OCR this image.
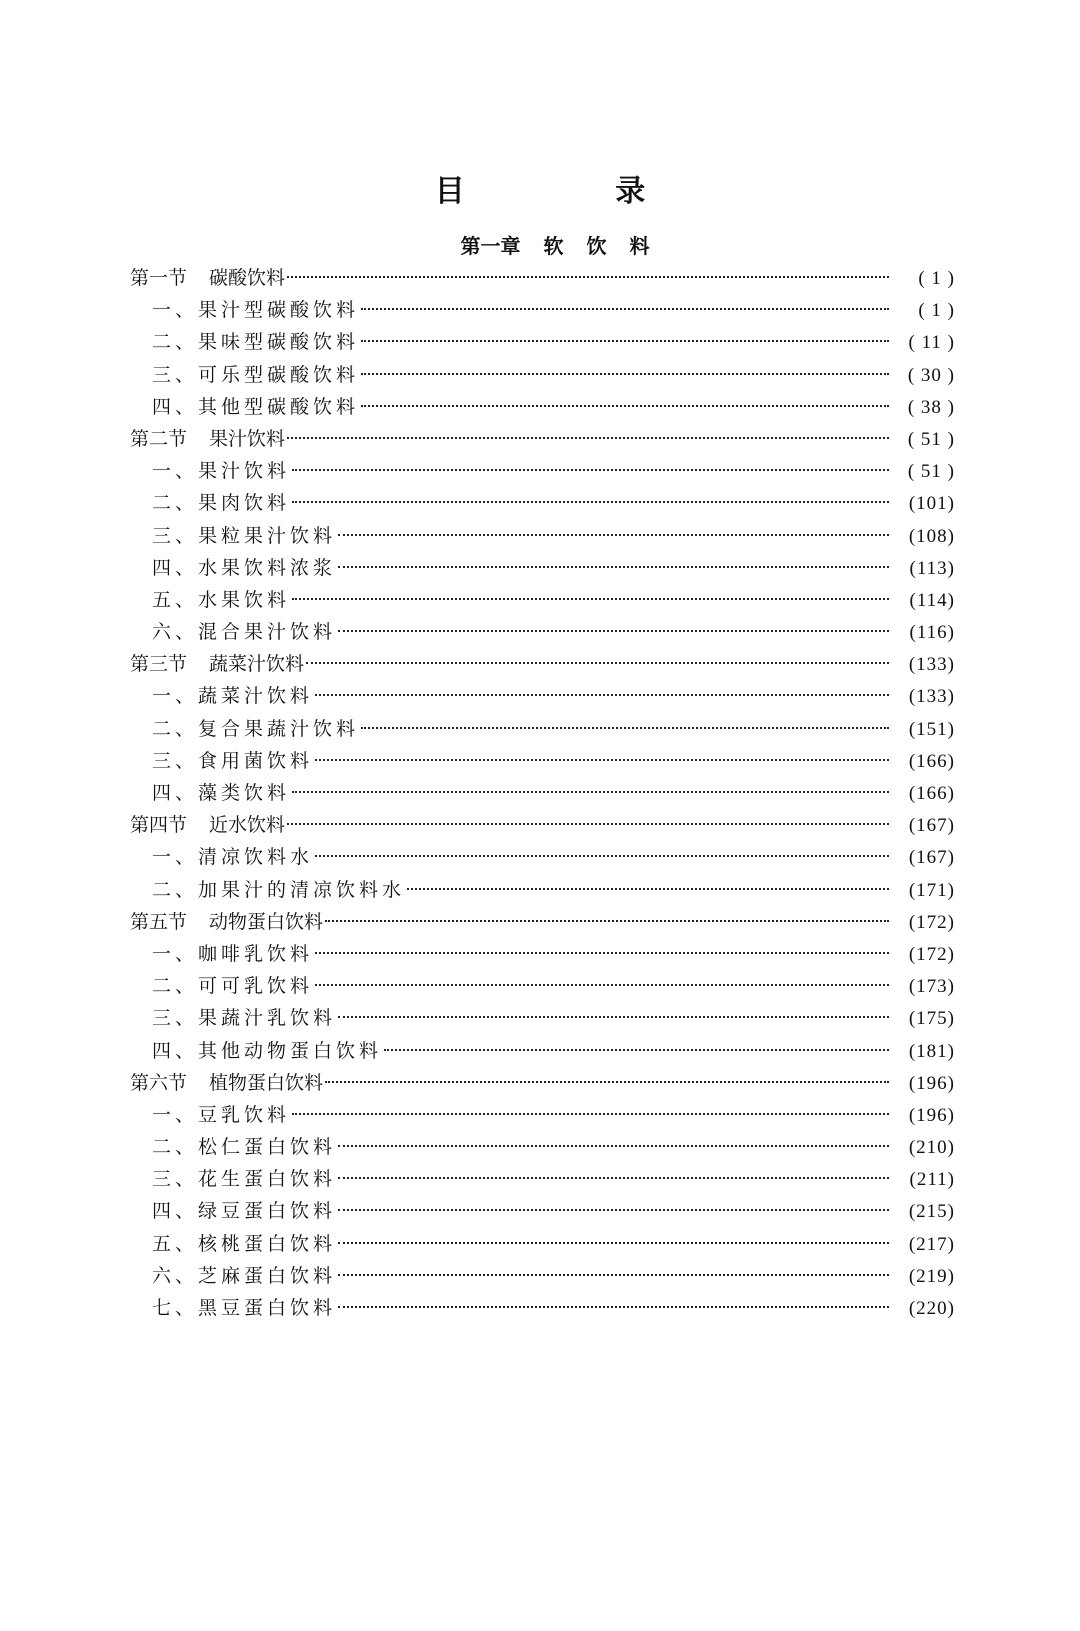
目 录
第一章 软 饮 料
第一节 碳酸饮料	( 1 )
一、果汁型碳酸饮料	( 1 )
二、果味型碳酸饮料	( 11 )
三、可乐型碳酸饮料	( 30 )
四、其他型碳酸饮料	( 38 )
第二节 果汁饮料	( 51 )
一、果汁饮料	( 51 )
二、果肉饮料	(101)
三、果粒果汁饮料	(108)
四、水果饮料浓浆	(113)
五、水果饮料	(114)
六、混合果汁饮料	(116)
第三节 蔬菜汁饮料	(133)
一、蔬菜汁饮料	(133)
二、复合果蔬汁饮料	(151)
三、食用菌饮料	(166)
四、藻类饮料	(166)
第四节 近水饮料	(167)
一、清凉饮料水	(167)
二、加果汁的清凉饮料水	(171)
第五节 动物蛋白饮料	(172)
一、咖啡乳饮料	(172)
二、可可乳饮料	(173)
三、果蔬汁乳饮料	(175)
四、其他动物蛋白饮料	(181)
第六节 植物蛋白饮料	(196)
一、豆乳饮料	(196)
二、松仁蛋白饮料	(210)
三、花生蛋白饮料	(211)
四、绿豆蛋白饮料	(215)
五、核桃蛋白饮料	(217)
六、芝麻蛋白饮料	(219)
七、黑豆蛋白饮料	(220)
